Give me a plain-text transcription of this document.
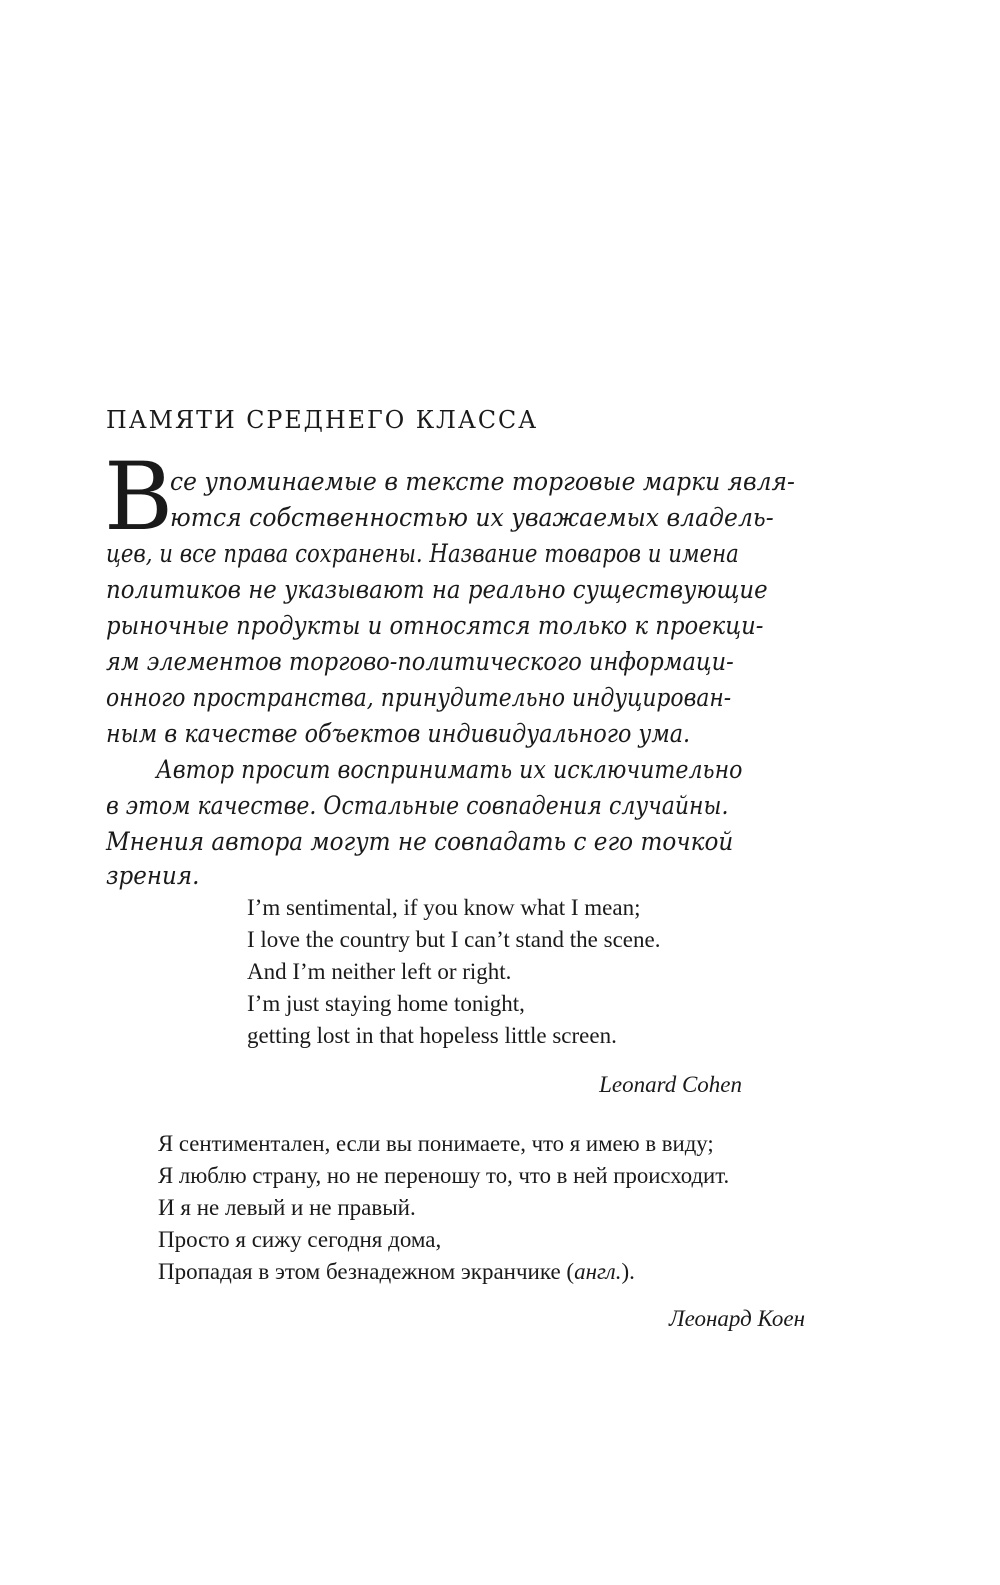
ПАМЯТИ СРЕДНЕГО КЛАССА
В
се упоминаемые в тексте торговые марки явля-
ются собственностью их уважаемых владель-
цев, и все права сохранены. Название товаров и имена
политиков не указывают на реально существующие
рыночные продукты и относятся только к проекци-
ям элементов торгово-политического информаци-
онного пространства, принудительно индуцирован-
ным в качестве объектов индивидуального ума.
Автор просит воспринимать их исключительно
в этом качестве. Остальные совпадения случайны.
Мнения автора могут не совпадать с его точкой
зрения.
I’m sentimental, if you know what I mean;
I love the country but I can’t stand the scene.
And I’m neither left or right.
I’m just staying home tonight,
getting lost in that hopeless little screen.
Leonard Cohen
Я сентиментален, если вы понимаете, что я имею в виду;
Я люблю страну, но не переношу то, что в ней происходит.
И я не левый и не правый.
Просто я сижу сегодня дома,
Пропадая в этом безнадежном экранчике (англ.).
Леонард Коен
